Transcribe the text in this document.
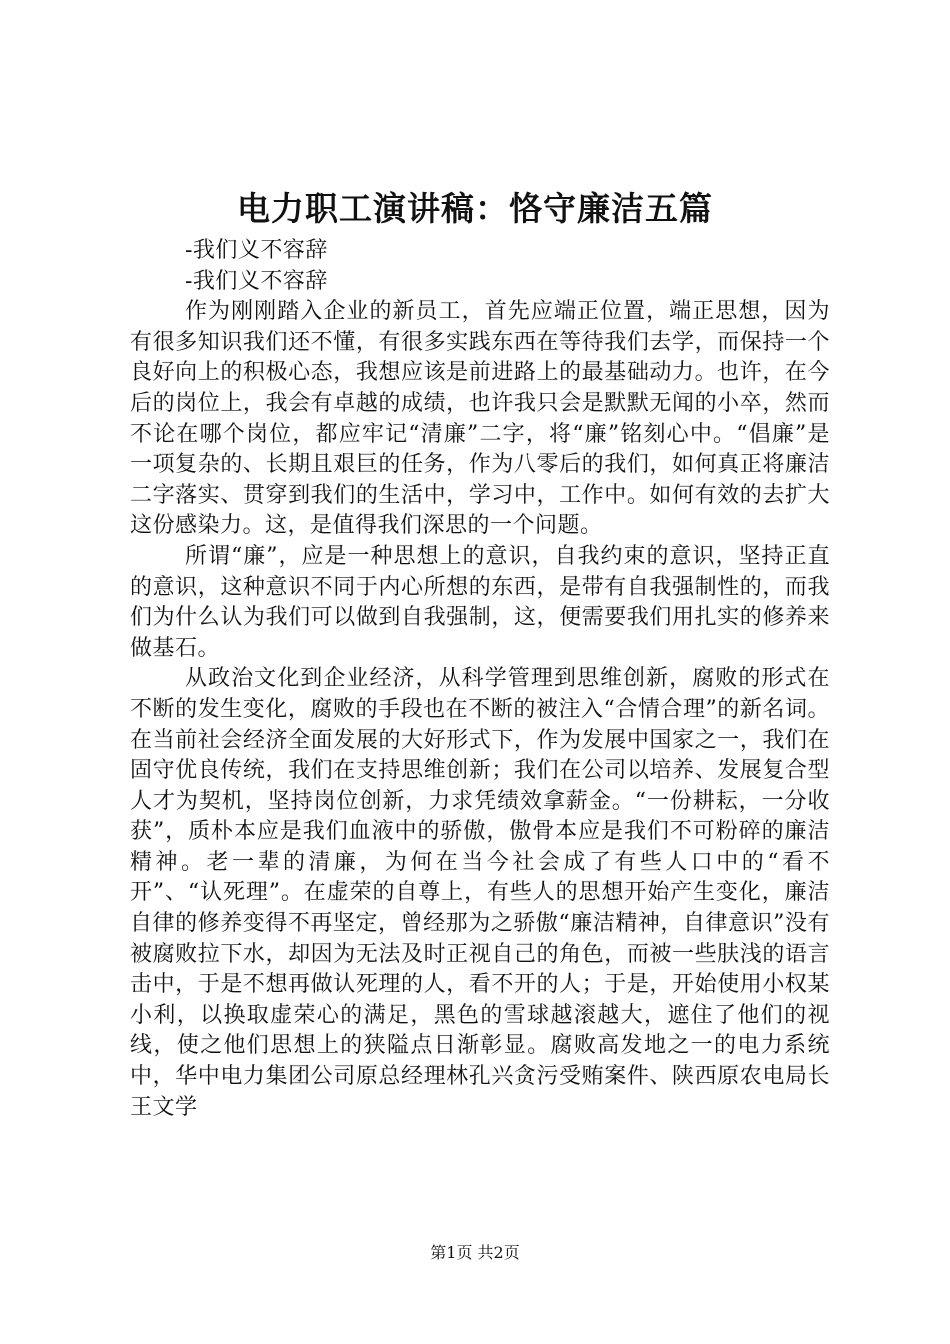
电力职工演讲稿：恪守廉洁五篇

-我们义不容辞

-我们义不容辞

作为刚刚踏入企业的新员工，首先应端正位置，端正思想，因为有很多知识我们还不懂，有很多实践东西在等待我们去学，而保持一个良好向上的积极心态，我想应该是前进路上的最基础动力。也许，在今后的岗位上，我会有卓越的成绩，也许我只会是默默无闻的小卒，然而不论在哪个岗位，都应牢记“清廉”二字，将“廉”铭刻心中。“倡廉”是一项复杂的、长期且艰巨的任务，作为八零后的我们，如何真正将廉洁二字落实、贯穿到我们的生活中，学习中，工作中。如何有效的去扩大这份感染力。这，是值得我们深思的一个问题。

所谓“廉”，应是一种思想上的意识，自我约束的意识，坚持正直的意识，这种意识不同于内心所想的东西，是带有自我强制性的，而我们为什么认为我们可以做到自我强制，这，便需要我们用扎实的修养来做基石。

从政治文化到企业经济，从科学管理到思维创新，腐败的形式在不断的发生变化，腐败的手段也在不断的被注入“合情合理”的新名词。在当前社会经济全面发展的大好形式下，作为发展中国家之一，我们在固守优良传统，我们在支持思维创新；我们在公司以培养、发展复合型人才为契机，坚持岗位创新，力求凭绩效拿薪金。“一份耕耘，一分收获”，质朴本应是我们血液中的骄傲，傲骨本应是我们不可粉碎的廉洁精神。老一辈的清廉，为何在当今社会成了有些人口中的“看不开”、“认死理”。在虚荣的自尊上，有些人的思想开始产生变化，廉洁自律的修养变得不再坚定，曾经那为之骄傲“廉洁精神，自律意识”没有被腐败拉下水，却因为无法及时正视自己的角色，而被一些肤浅的语言击中，于是不想再做认死理的人，看不开的人；于是，开始使用小权某小利，以换取虚荣心的满足，黑色的雪球越滚越大，遮住了他们的视线，使之他们思想上的狭隘点日渐彰显。腐败高发地之一的电力系统中，华中电力集团公司原总经理林孔兴贪污受贿案件、陕西原农电局长王文学

第1页 共2页
